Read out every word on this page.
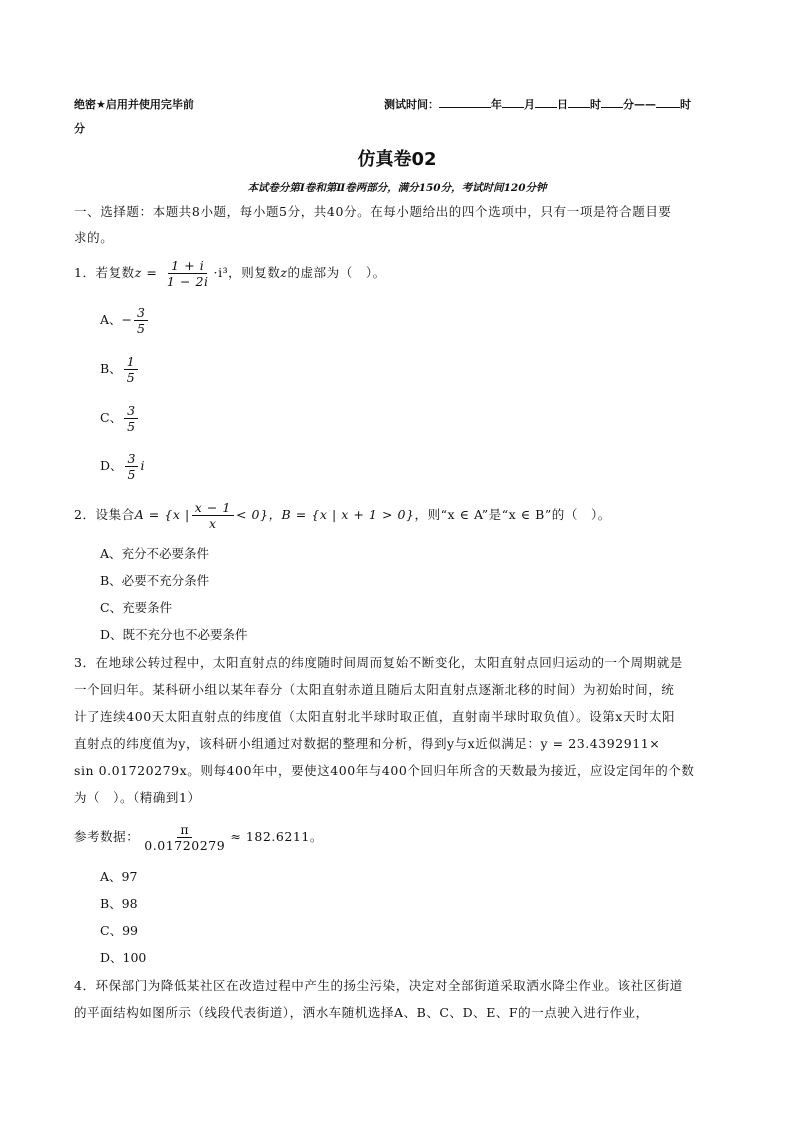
绝密★启用并使用完毕前
分
测试时间：	年 月 日 时 分—— 时
仿真卷02
本试卷分第Ⅰ卷和第Ⅱ卷两部分，满分150分，考试时间120分钟
一、选择题：本题共8小题，每小题5分，共40分。在每小题给出的四个选项中，只有一项是符合题目要
求的。
1．若复数$z = \frac{1 + i}{1 - 2i} \cdot i^3$，则复数z的虚部为（　）。
A、− $\frac{3}{5}$
B、 $\frac{1}{5}$
C、 $\frac{3}{5}$
D、 $\frac{3}{5}$ i
2．设集合A = {x | $\frac{x - 1}{x} < 0$}，B = {x | x + 1 > 0}，则“x ∈ A”是“x ∈ B”的（　）。
A、充分不必要条件
B、必要不充分条件
C、充要条件
D、既不充分也不必要条件
3．在地球公转过程中，太阳直射点的纬度随时间周而复始不断变化，太阳直射点回归运动的一个周期就是
一个回归年。某科研小组以某年春分（太阳直射赤道且随后太阳直射点逐渐北移的时间）为初始时间，统
计了连续400天太阳直射点的纬度值（太阳直射北半球时取正值，直射南半球时取负值）。设第x天时太阳
直射点的纬度值为y，该科研小组通过对数据的整理和分析，得到y与x近似满足：y = 23.4392911×
sin 0.01720279x。则每400年中，要使这400年与400个回归年所含的天数最为接近，应设定闰年的个数
为（　）。（精确到1）
参考数据： $\frac{\pi}{0.01720279} \approx 182.6211$。
A、97
B、98
C、99
D、100
4．环保部门为降低某社区在改造过程中产生的扬尘污染，决定对全部街道采取洒水降尘作业。该社区街道
的平面结构如图所示（线段代表街道），洒水车随机选择A、B、C、D、E、F的一点驶入进行作业，
